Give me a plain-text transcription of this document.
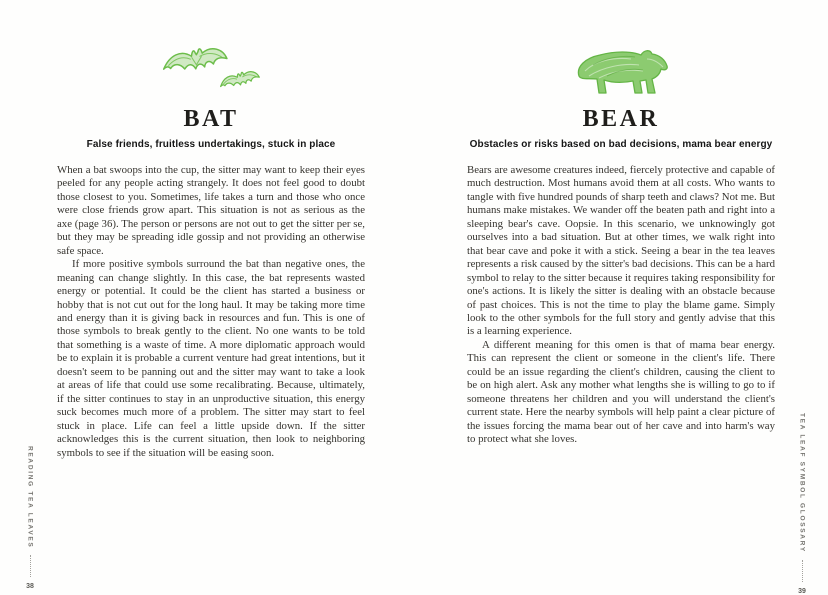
BAT
False friends, fruitless undertakings, stuck in place

When a bat swoops into the cup, the sitter may want to keep their eyes peeled for any people acting strangely. It does not feel good to doubt those closest to you. Sometimes, life takes a turn and those who once were close friends grow apart. This situation is not as serious as the axe (page 36). The person or persons are not out to get the sitter per se, but they may be spreading idle gossip and not providing an otherwise safe space.

If more positive symbols surround the bat than negative ones, the meaning can change slightly. In this case, the bat represents wasted energy or potential. It could be the client has started a business or hobby that is not cut out for the long haul. It may be taking more time and energy than it is giving back in resources and fun. This is one of those symbols to break gently to the client. No one wants to be told that something is a waste of time. A more diplomatic approach would be to explain it is probable a current venture had great intentions, but it doesn't seem to be panning out and the sitter may want to take a look at areas of life that could use some recalibrating. Because, ultimately, if the sitter continues to stay in an unproductive situation, this energy suck becomes much more of a problem. The sitter may start to feel stuck in place. Life can feel a little upside down. If the sitter acknowledges this is the current situation, then look to neighboring symbols to see if the situation will be easing soon.

BEAR
Obstacles or risks based on bad decisions, mama bear energy

Bears are awesome creatures indeed, fiercely protective and capable of much destruction. Most humans avoid them at all costs. Who wants to tangle with five hundred pounds of sharp teeth and claws? Not me. But humans make mistakes. We wander off the beaten path and right into a sleeping bear's cave. Oopsie. In this scenario, we unknowingly got ourselves into a bad situation. But at other times, we walk right into that bear cave and poke it with a stick. Seeing a bear in the tea leaves represents a risk caused by the sitter's bad decisions. This can be a hard symbol to relay to the sitter because it requires taking responsibility for one's actions. It is likely the sitter is dealing with an obstacle because of past choices. This is not the time to play the blame game. Simply look to the other symbols for the full story and gently advise that this is a learning experience.

A different meaning for this omen is that of mama bear energy. This can represent the client or someone in the client's life. There could be an issue regarding the client's children, causing the client to be on high alert. Ask any mother what lengths she is willing to go to if someone threatens her children and you will understand the client's current state. Here the nearby symbols will help paint a clear picture of the issues forcing the mama bear out of her cave and into harm's way to protect what she loves.

READING TEA LEAVES
38
TEA LEAF SYMBOL GLOSSARY
39
